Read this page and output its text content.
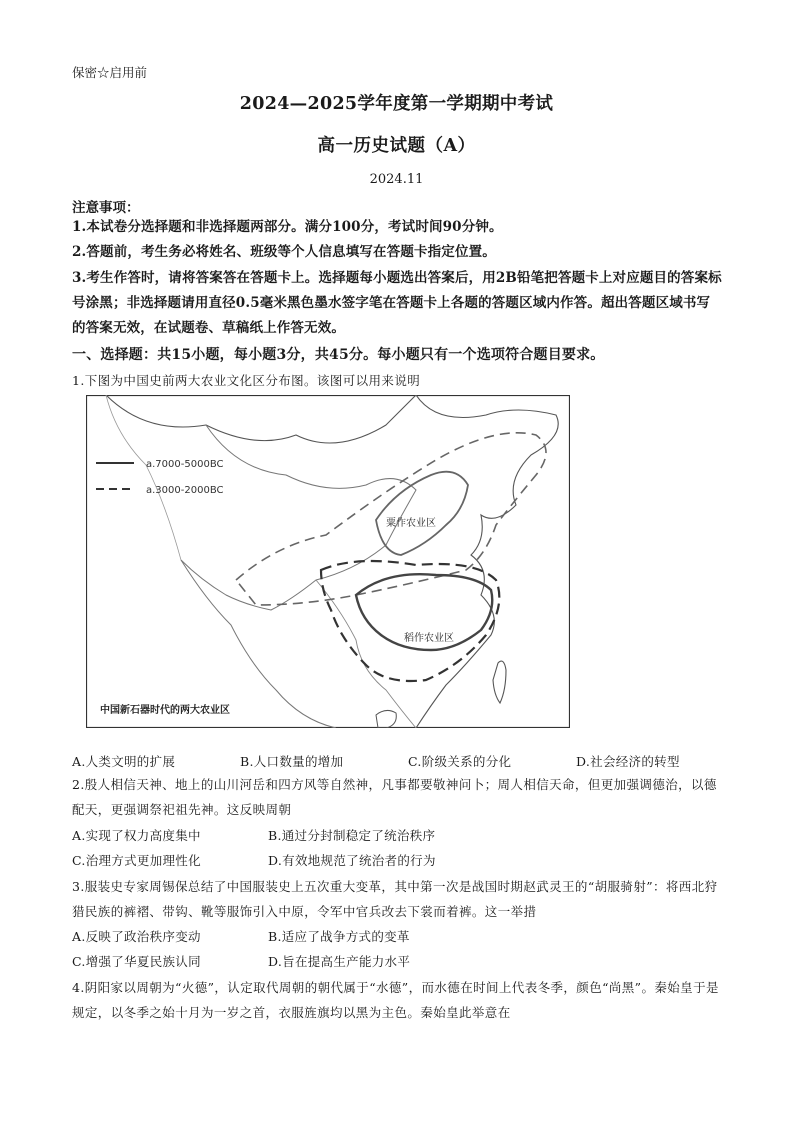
保密☆启用前
2024—2025学年度第一学期期中考试
高一历史试题（A）
2024.11
注意事项：
1.本试卷分选择题和非选择题两部分。满分100分，考试时间90分钟。
2.答题前，考生务必将姓名、班级等个人信息填写在答题卡指定位置。
3.考生作答时，请将答案答在答题卡上。选择题每小题选出答案后，用2B铅笔把答题卡上对应题目的答案标号涂黑；非选择题请用直径0.5毫米黑色墨水签字笔在答题卡上各题的答题区域内作答。超出答题区域书写的答案无效，在试题卷、草稿纸上作答无效。
一、选择题：共15小题，每小题3分，共45分。每小题只有一个选项符合题目要求。
1.下图为中国史前两大农业文化区分布图。该图可以用来说明
a.7000-5000BC
a.3000-2000BC
粟作农业区
稻作农业区
中国新石器时代的两大农业区
A.人类文明的扩展	B.人口数量的增加	C.阶级关系的分化	D.社会经济的转型
2.殷人相信天神、地上的山川河岳和四方风等自然神，凡事都要敬神问卜；周人相信天命，但更加强调德治，以德配天，更强调祭祀祖先神。这反映周朝
A.实现了权力高度集中	B.通过分封制稳定了统治秩序
C.治理方式更加理性化	D.有效地规范了统治者的行为
3.服装史专家周锡保总结了中国服装史上五次重大变革，其中第一次是战国时期赵武灵王的“胡服骑射”：将西北狩猎民族的裤褶、带钩、靴等服饰引入中原，令军中官兵改去下裳而着裤。这一举措
A.反映了政治秩序变动	B.适应了战争方式的变革
C.增强了华夏民族认同	D.旨在提高生产能力水平
4.阴阳家以周朝为“火德”，认定取代周朝的朝代属于“水德”，而水德在时间上代表冬季，颜色“尚黑”。秦始皇于是规定，以冬季之始十月为一岁之首，衣服旌旗均以黑为主色。秦始皇此举意在
